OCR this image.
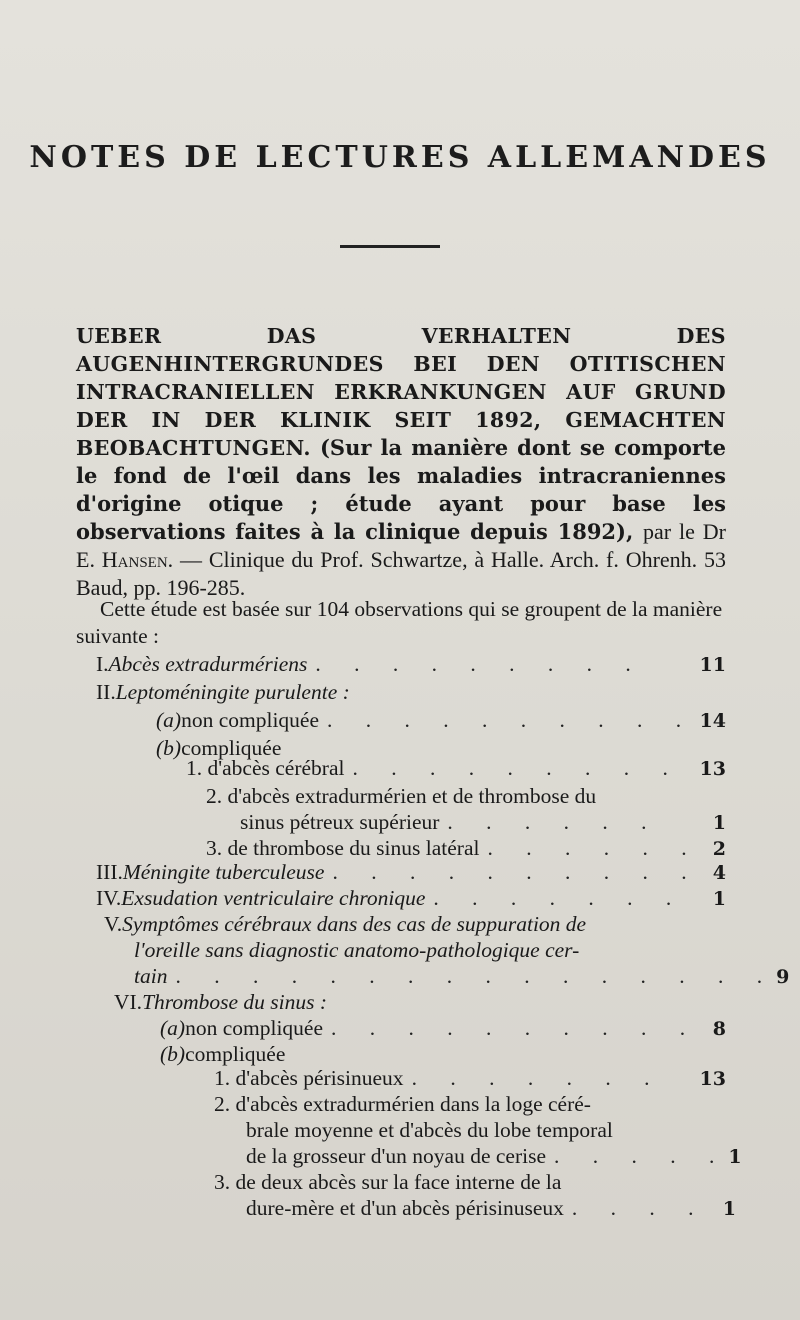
NOTES DE LECTURES ALLEMANDES

UEBER DAS VERHALTEN DES AUGENHINTERGRUNDES BEI DEN OTITISCHEN INTRACRANIELLEN ERKRANKUNGEN AUF GRUND DER IN DER KLINIK SEIT 1892, GEMACHTEN BEOBACHTUNGEN. (Sur la manière dont se comporte le fond de l'œil dans les maladies intracraniennes d'origine otique ; étude ayant pour base les observations faites à la clinique depuis 1892), par le Dr E. Hansen. — Clinique du Prof. Schwartze, à Halle. Arch. f. Ohrenh. 53 Baud, pp. 196-285.

Cette étude est basée sur 104 observations qui se groupent de la manière suivante :

I. Abcès extradurmériens . . . . . . . . .	11
II. Leptoméningite purulente :
(a) non compliquée . . . . . . . . . . 14
(b) compliquée
1. d'abcès cérébral . . . . . . . . . 13
2. d'abcès extradurmérien et de thrombose du
sinus pétreux supérieur . . . . . .	1
3. de thrombose du sinus latéral . . . . . . 2
III. Méningite tuberculeuse . . . . . . . . . . 4
IV. Exsudation ventriculaire chronique . . . . . . .	1
V. Symptômes cérébraux dans des cas de suppuration de
l'oreille sans diagnostic anatomo-pathologique cer-
tain . . . . . . . . . . . . . . . . 9
VI. Thrombose du sinus :
(a) non compliquée . . . . . . . . . . 8
(b) compliquée
1. d'abcès périsinueux . . . . . . .	13
2. d'abcès extradurmérien dans la loge céré-
brale moyenne et d'abcès du lobe temporal
de la grosseur d'un noyau de cerise . . . . . 1
3. de deux abcès sur la face interne de la
dure-mère et d'un abcès périsinuseux . . . . 1
